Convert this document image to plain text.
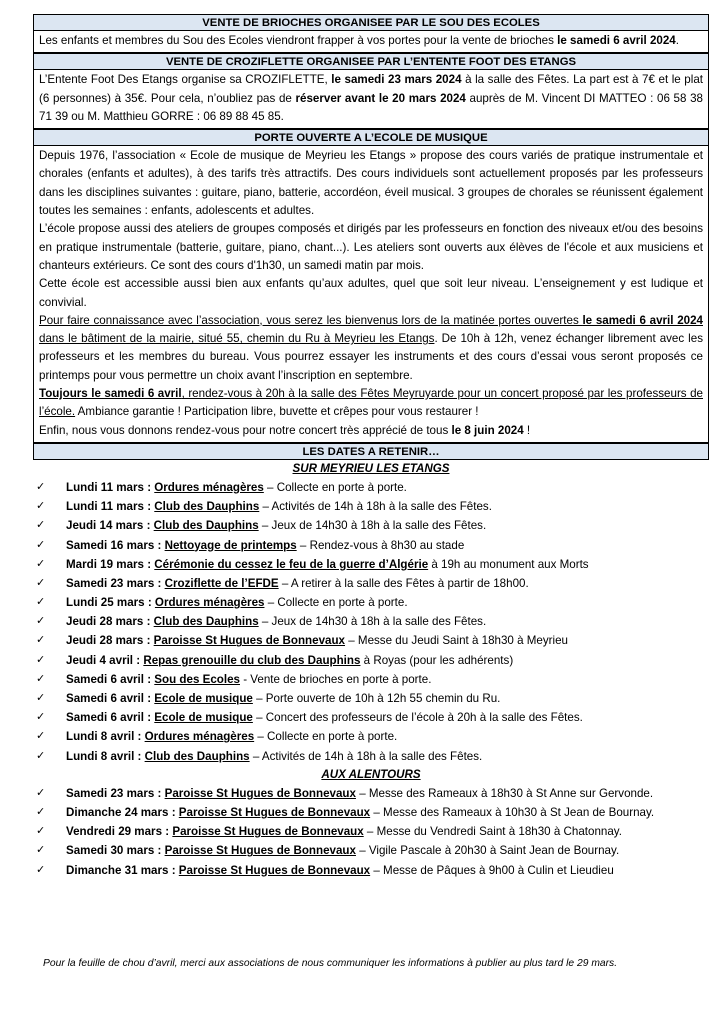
VENTE DE BRIOCHES ORGANISEE PAR LE SOU DES ECOLES

Les enfants et membres du Sou des Ecoles viendront frapper à vos portes pour la vente de brioches le samedi 6 avril 2024.

VENTE DE CROZIFLETTE ORGANISEE PAR L’ENTENTE FOOT DES ETANGS

L’Entente Foot Des Etangs organise sa CROZIFLETTE, le samedi 23 mars 2024 à la salle des Fêtes. La part est à 7€ et le plat (6 personnes) à 35€. Pour cela, n’oubliez pas de réserver avant le 20 mars 2024 auprès de M. Vincent DI MATTEO : 06 58 38 71 39 ou M. Matthieu GORRE : 06 89 88 45 85.

PORTE OUVERTE A L’ECOLE DE MUSIQUE

Depuis 1976, l’association « Ecole de musique de Meyrieu les Etangs » propose des cours variés de pratique instrumentale et chorales (enfants et adultes), à des tarifs très attractifs. Des cours individuels sont actuellement proposés par les professeurs dans les disciplines suivantes : guitare, piano, batterie, accordéon, éveil musical. 3 groupes de chorales se réunissent également toutes les semaines : enfants, adolescents et adultes.

L’école propose aussi des ateliers de groupes composés et dirigés par les professeurs en fonction des niveaux et/ou des besoins en pratique instrumentale (batterie, guitare, piano, chant...). Les ateliers sont ouverts aux élèves de l'école et aux musiciens et chanteurs extérieurs. Ce sont des cours d'1h30, un samedi matin par mois.

Cette école est accessible aussi bien aux enfants qu’aux adultes, quel que soit leur niveau. L’enseignement y est ludique et convivial.

Pour faire connaissance avec l’association, vous serez les bienvenus lors de la matinée portes ouvertes le samedi 6 avril 2024 dans le bâtiment de la mairie, situé 55, chemin du Ru à Meyrieu les Etangs. De 10h à 12h, venez échanger librement avec les professeurs et les membres du bureau. Vous pourrez essayer les instruments et des cours d’essai vous seront proposés ce printemps pour vous permettre un choix avant l’inscription en septembre.

Toujours le samedi 6 avril, rendez-vous à 20h à la salle des Fêtes Meyruyarde pour un concert proposé par les professeurs de l’école. Ambiance garantie ! Participation libre, buvette et crêpes pour vous restaurer !

Enfin, nous vous donnons rendez-vous pour notre concert très apprécié de tous le 8 juin 2024 !

LES DATES A RETENIR…
SUR MEYRIEU LES ETANGS
✓ Lundi 11 mars : Ordures ménagères – Collecte en porte à porte.
✓ Lundi 11 mars : Club des Dauphins – Activités de 14h à 18h à la salle des Fêtes.
✓ Jeudi 14 mars : Club des Dauphins – Jeux de 14h30 à 18h à la salle des Fêtes.
✓ Samedi 16 mars : Nettoyage de printemps – Rendez-vous à 8h30 au stade
✓ Mardi 19 mars : Cérémonie du cessez le feu de la guerre d’Algérie à 19h au monument aux Morts
✓ Samedi 23 mars : Croziflette de l’EFDE – A retirer à la salle des Fêtes à partir de 18h00.
✓ Lundi 25 mars : Ordures ménagères – Collecte en porte à porte.
✓ Jeudi 28 mars : Club des Dauphins – Jeux de 14h30 à 18h à la salle des Fêtes.
✓ Jeudi 28 mars : Paroisse St Hugues de Bonnevaux – Messe du Jeudi Saint à 18h30 à Meyrieu
✓ Jeudi 4 avril : Repas grenouille du club des Dauphins à Royas (pour les adhérents)
✓ Samedi 6 avril : Sou des Ecoles - Vente de brioches en porte à porte.
✓ Samedi 6 avril : Ecole de musique – Porte ouverte de 10h à 12h 55 chemin du Ru.
✓ Samedi 6 avril : Ecole de musique – Concert des professeurs de l’école à 20h à la salle des Fêtes.
✓ Lundi 8 avril : Ordures ménagères – Collecte en porte à porte.
✓ Lundi 8 avril : Club des Dauphins – Activités de 14h à 18h à la salle des Fêtes.
AUX ALENTOURS
✓ Samedi 23 mars : Paroisse St Hugues de Bonnevaux – Messe des Rameaux à 18h30 à St Anne sur Gervonde.
✓ Dimanche 24 mars : Paroisse St Hugues de Bonnevaux – Messe des Rameaux à 10h30 à St Jean de Bournay.
✓ Vendredi 29 mars : Paroisse St Hugues de Bonnevaux – Messe du Vendredi Saint à 18h30 à Chatonnay.
✓ Samedi 30 mars : Paroisse St Hugues de Bonnevaux – Vigile Pascale à 20h30 à Saint Jean de Bournay.
✓ Dimanche 31 mars : Paroisse St Hugues de Bonnevaux – Messe de Pâques à 9h00 à Culin et Lieudieu
Pour la feuille de chou d’avril, merci aux associations de nous communiquer les informations à publier au plus tard le 29 mars.
